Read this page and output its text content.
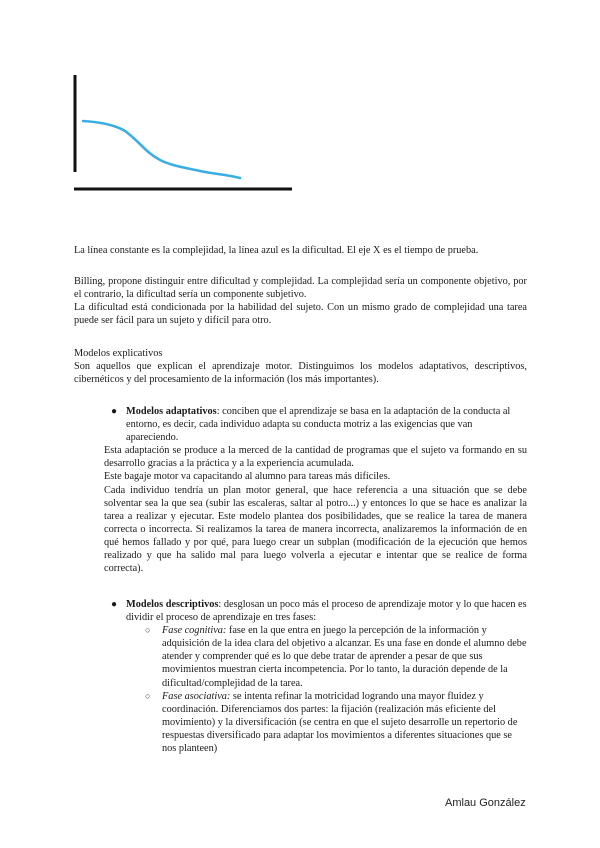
La línea constante es la complejidad, la línea azul es la dificultad. El eje X es el tiempo de prueba.

Billing, propone distinguir entre dificultad y complejidad. La complejidad sería un componente objetivo, por el contrario, la dificultad sería un componente subjetivo.

La dificultad está condicionada por la habilidad del sujeto. Con un mismo grado de complejidad una tarea puede ser fácil para un sujeto y difícil para otro.

Modelos explicativos

Son aquellos que explican el aprendizaje motor. Distinguimos los modelos adaptativos, descriptivos, cibernéticos y del procesamiento de la información (los más importantes).

● Modelos adaptativos: conciben que el aprendizaje se basa en la adaptación de la conducta al entorno, es decir, cada individuo adapta su conducta motriz a las exigencias que van apareciendo.

Esta adaptación se produce a la merced de la cantidad de programas que el sujeto va formando en su desarrollo gracias a la práctica y a la experiencia acumulada.

Este bagaje motor va capacitando al alumno para tareas más difíciles.

Cada individuo tendría un plan motor general, que hace referencia a una situación que se debe solventar sea la que sea (subir las escaleras, saltar al potro...) y entonces lo que se hace es analizar la tarea a realizar y ejecutar. Este modelo plantea dos posibilidades, que se realice la tarea de manera correcta o incorrecta. Si realizamos la tarea de manera incorrecta, analizaremos la información de en qué hemos fallado y por qué, para luego crear un subplan (modificación de la ejecución que hemos realizado y que ha salido mal para luego volverla a ejecutar e intentar que se realice de forma correcta).

● Modelos descriptivos: desglosan un poco más el proceso de aprendizaje motor y lo que hacen es dividir el proceso de aprendizaje en tres fases:

○ Fase cognitiva: fase en la que entra en juego la percepción de la información y adquisición de la idea clara del objetivo a alcanzar. Es una fase en donde el alumno debe atender y comprender qué es lo que debe tratar de aprender a pesar de que sus movimientos muestran cierta incompetencia. Por lo tanto, la duración depende de la dificultad/complejidad de la tarea.

○ Fase asociativa: se intenta refinar la motricidad logrando una mayor fluidez y coordinación. Diferenciamos dos partes: la fijación (realización más eficiente del movimiento) y la diversificación (se centra en que el sujeto desarrolle un repertorio de respuestas diversificado para adaptar los movimientos a diferentes situaciones que se nos planteen)

Amlau González
